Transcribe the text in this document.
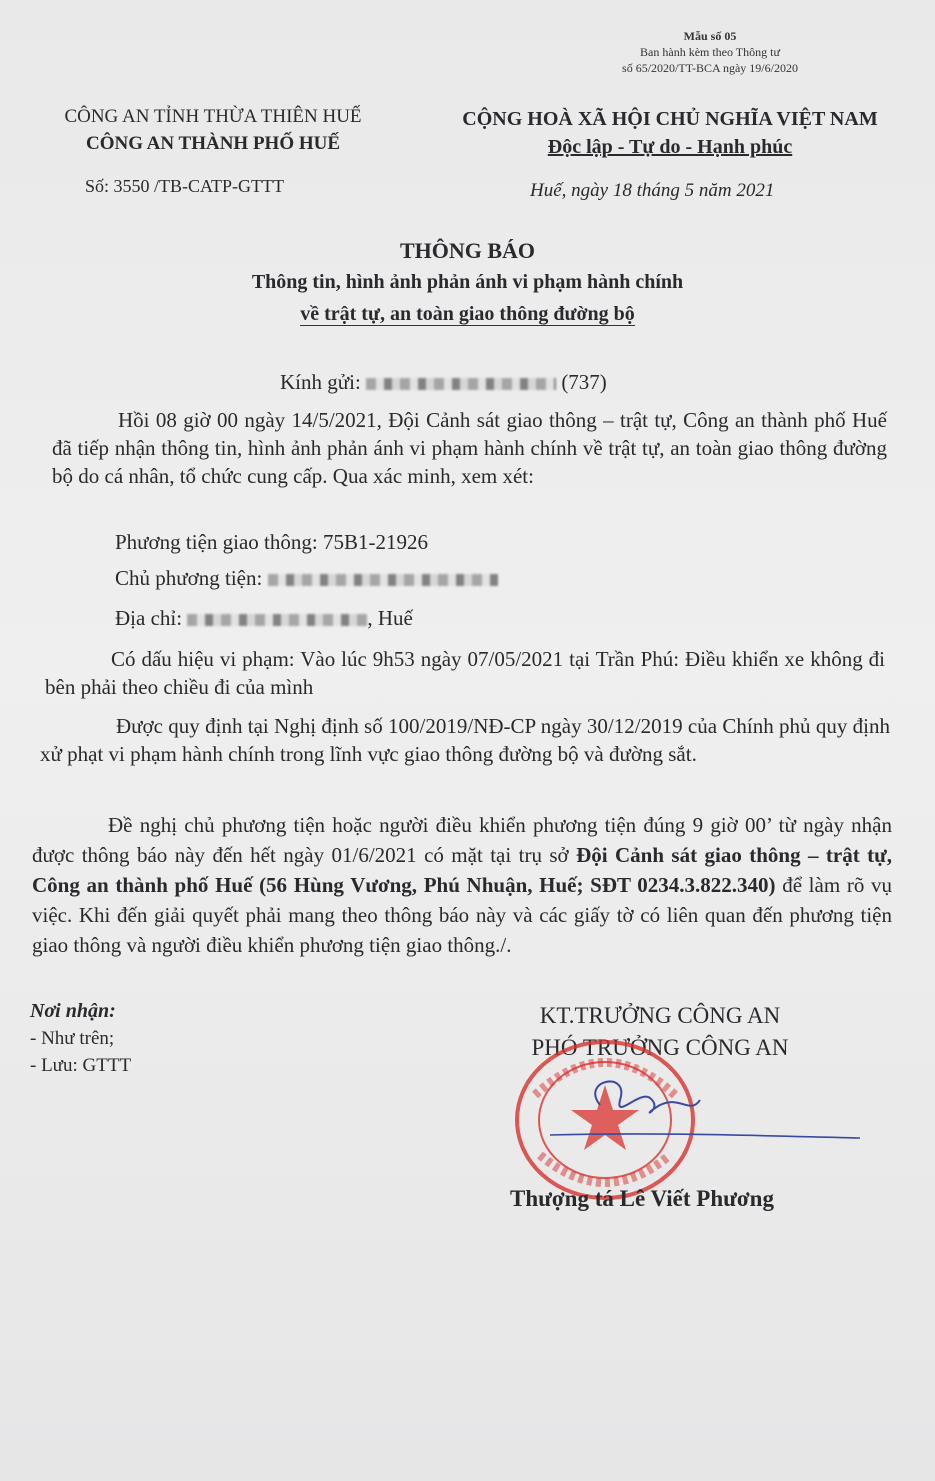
Mẫu số 05
Ban hành kèm theo Thông tư
số 65/2020/TT-BCA ngày 19/6/2020
CÔNG AN TỈNH THỪA THIÊN HUẾ
CÔNG AN THÀNH PHỐ HUẾ
CỘNG HOÀ XÃ HỘI CHỦ NGHĨA VIỆT NAM
Độc lập - Tự do - Hạnh phúc
Số: 3550 /TB-CATP-GTTT	Huế, ngày 18 tháng 5 năm 2021
THÔNG BÁO
Thông tin, hình ảnh phản ánh vi phạm hành chính
về trật tự, an toàn giao thông đường bộ
Kính gửi:	(737)
Hồi 08 giờ 00 ngày 14/5/2021, Đội Cảnh sát giao thông – trật tự, Công an thành phố Huế đã tiếp nhận thông tin, hình ảnh phản ánh vi phạm hành chính về trật tự, an toàn giao thông đường bộ do cá nhân, tổ chức cung cấp. Qua xác minh, xem xét:
Phương tiện giao thông: 75B1-21926
Chủ phương tiện:
Địa chỉ:	, Huế
Có dấu hiệu vi phạm: Vào lúc 9h53 ngày 07/05/2021 tại Trần Phú: Điều khiển xe không đi bên phải theo chiều đi của mình
Được quy định tại Nghị định số 100/2019/NĐ-CP ngày 30/12/2019 của Chính phủ quy định xử phạt vi phạm hành chính trong lĩnh vực giao thông đường bộ và đường sắt.
Đề nghị chủ phương tiện hoặc người điều khiển phương tiện đúng 9 giờ 00’ từ ngày nhận được thông báo này đến hết ngày 01/6/2021 có mặt tại trụ sở Đội Cảnh sát giao thông – trật tự, Công an thành phố Huế (56 Hùng Vương, Phú Nhuận, Huế; SĐT 0234.3.822.340) để làm rõ vụ việc. Khi đến giải quyết phải mang theo thông báo này và các giấy tờ có liên quan đến phương tiện giao thông và người điều khiển phương tiện giao thông./.
Nơi nhận:
- Như trên;
- Lưu: GTTT
KT.TRƯỞNG CÔNG AN
PHÓ TRƯỞNG CÔNG AN
Thượng tá Lê Viết Phương
